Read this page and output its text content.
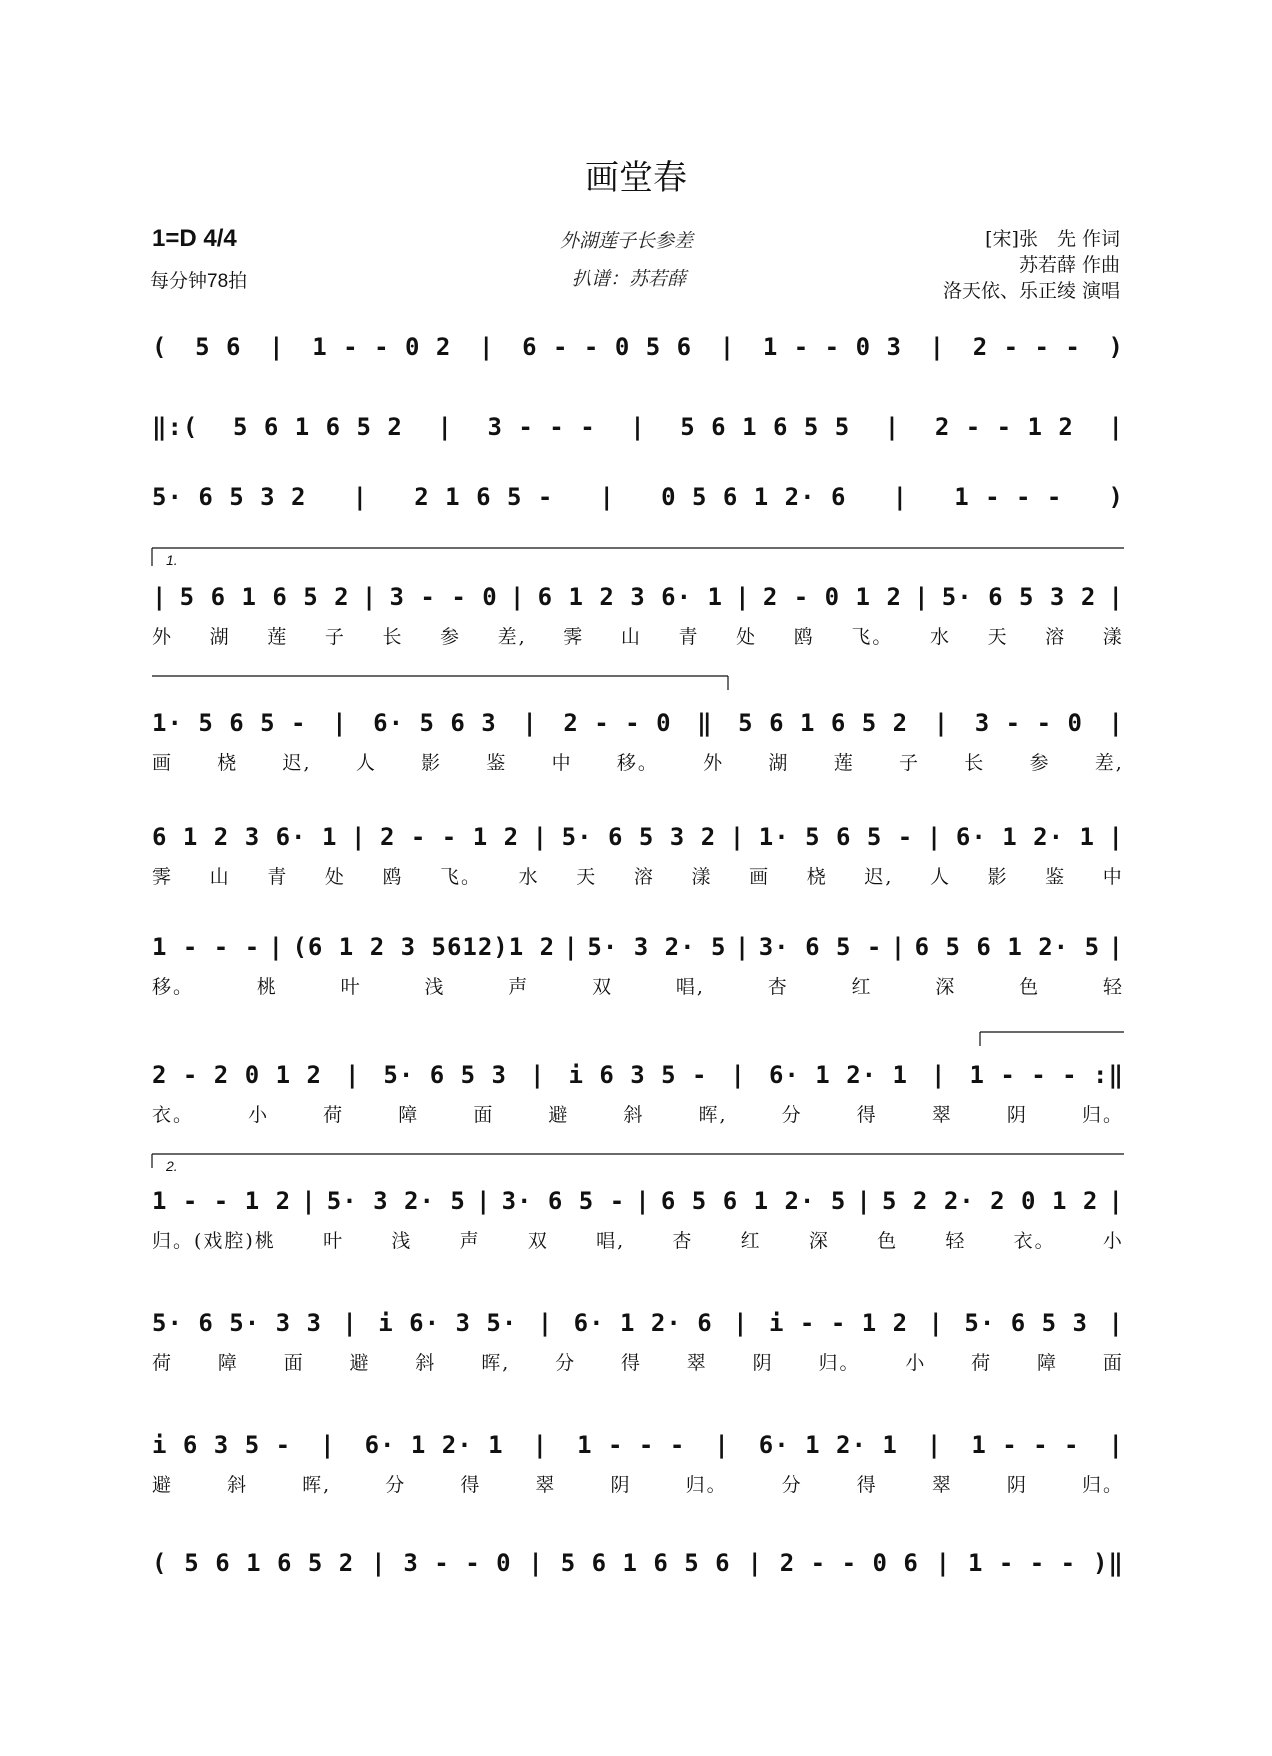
画堂春
1=D 4/4
每分钟78拍
外湖莲子长参差
扒谱：苏若薛
[宋]张　先 作词
苏若薛 作曲
洛天依、乐正绫 演唱
( 5 6 | 1 - - 0 2 | 6 - - 0 5 6 | 1 - - 0 3 | 2 - - - )
‖:( 5 6 1 6 5 2 | 3 - - - | 5 6 1 6 5 5 | 2 - - 1 2 |
5· 6 5 3 2 | 2 1 6 5 - | 0 5 6 1 2· 6 | 1 - - - )
| 5 6 1 6 5 2 | 3 - - 0 | 6 1 2 3 6· 1 | 2 - 0 1 2 | 5· 6 5 3 2 |
外 湖 莲 子 长 参 差, 霁 山 青 处 鸥 飞。 水 天 溶 漾
1· 5 6 5 - | 6· 5 6 3 | 2 - - 0 ‖ 5 6 1 6 5 2 | 3 - - 0 |
画 桡 迟, 人 影 鉴 中 移。 外 湖 莲 子 长 参 差,
6 1 2 3 6· 1 | 2 - - 1 2 | 5· 6 5 3 2 | 1· 5 6 5 - | 6· 1 2· 1 |
霁 山 青 处 鸥 飞。 水 天 溶 漾 画 桡 迟, 人 影 鉴 中
1 - - - | (6 1 2 3 5612)1 2 | 5· 3 2· 5 | 3· 6 5 - | 6 5 6 1 2· 5 |
移。	桃	叶	浅	声	双	唱,	杏	红	深	色	轻
2 - 2 0 1 2 | 5· 6 5 3 | i 6 3 5 - | 6· 1 2· 1 | 1 - - - :‖
衣。	小	荷	障	面	避	斜	晖,	分	得	翠	阴	归。
1 - - 1 2 | 5· 3 2· 5 | 3· 6 5 - | 6 5 6 1 2· 5 | 5 2 2· 2 0 1 2 |
归。(戏腔)桃 叶 浅 声 双 唱, 杏 红 深 色 轻 衣。 小
5· 6 5· 3 3 | i 6· 3 5· | 6· 1 2· 6 | i - - 1 2 | 5· 6 5 3 |
荷 障 面 避 斜 晖, 分 得 翠 阴 归。 小 荷 障 面
i 6 3 5 - | 6· 1 2· 1 | 1 - - - | 6· 1 2· 1 | 1 - - - |
避	斜	晖,	分	得	翠	阴	归。	分	得	翠	阴	归。
( 5 6 1 6 5 2 | 3 - - 0 | 5 6 1 6 5 6 | 2 - - 0 6 | 1 - - - )‖
1.
2.
